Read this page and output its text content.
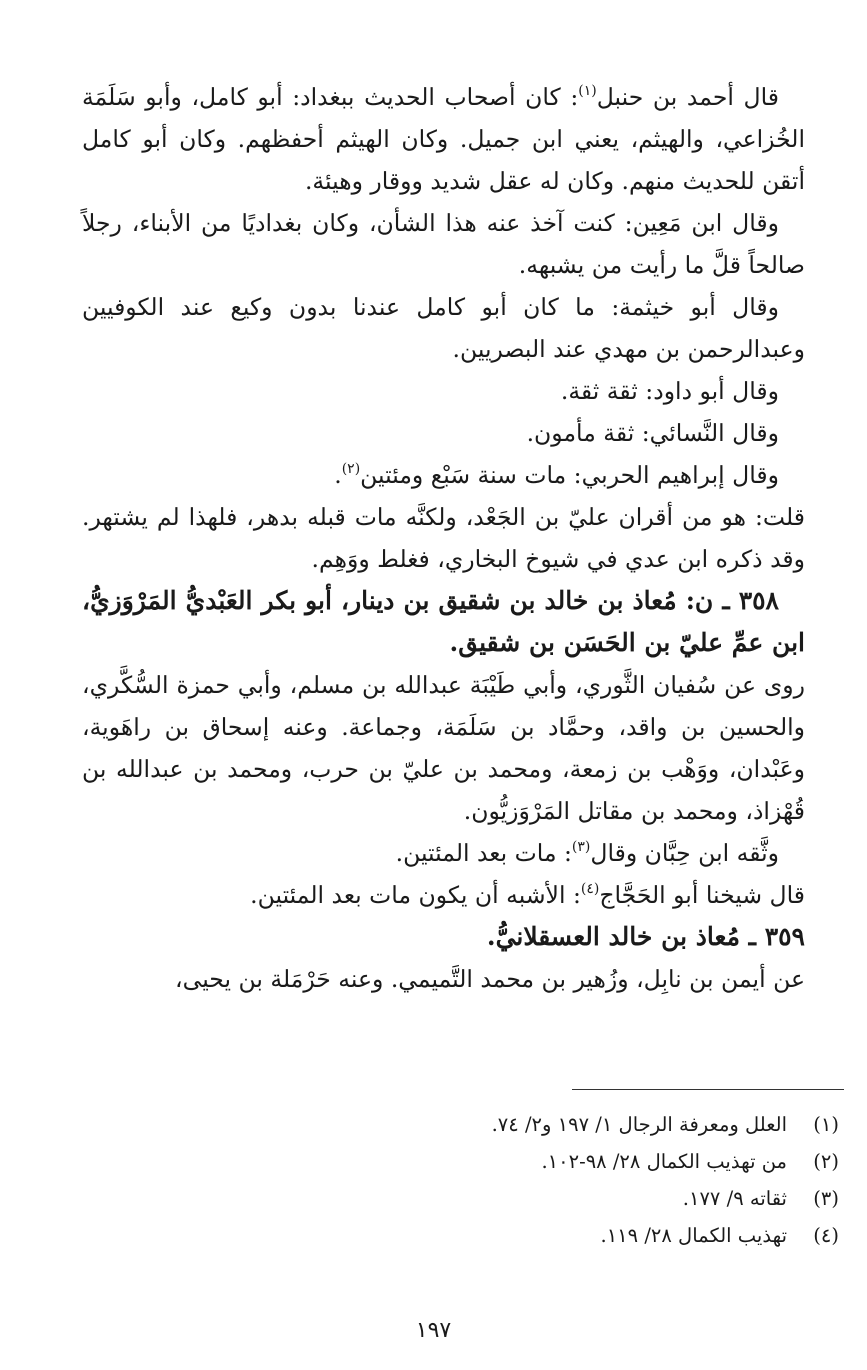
قال أحمد بن حنبل$^{(١)}$: كان أصحاب الحديث ببغداد: أبو كامل، وأبو سَلَمَة الخُزاعي، والهيثم، يعني ابن جميل. وكان الهيثم أحفظهم. وكان أبو كامل أتقن للحديث منهم. وكان له عقل شديد ووقار وهيئة.

وقال ابن مَعِين: كنت آخذ عنه هذا الشأن، وكان بغداديًا من الأبناء، رجلاً صالحاً قلَّ ما رأيت من يشبهه.

وقال أبو خيثمة: ما كان أبو كامل عندنا بدون وكيع عند الكوفيين وعبدالرحمن بن مهدي عند البصريين.

وقال أبو داود: ثقة ثقة.

وقال النَّسائي: ثقة مأمون.

وقال إبراهيم الحربي: مات سنة سَبْع ومئتين$^{(٢)}$.

قلت: هو من أقران عليّ بن الجَعْد، ولكنَّه مات قبله بدهر، فلهذا لم يشتهر. وقد ذكره ابن عدي في شيوخ البخاري، فغلط ووَهِم.

٣٥٨ ـ ن: مُعاذ بن خالد بن شقيق بن دينار، أبو بكر العَبْديُّ المَرْوَزيُّ، ابن عمِّ عليّ بن الحَسَن بن شقيق.

روى عن سُفيان الثَّوري، وأبي طَيْبَة عبدالله بن مسلم، وأبي حمزة السُّكَّري، والحسين بن واقد، وحمَّاد بن سَلَمَة، وجماعة. وعنه إسحاق بن راهَوية، وعَبْدان، ووَهْب بن زمعة، ومحمد بن عليّ بن حرب، ومحمد بن عبدالله بن قُهْزاذ، ومحمد بن مقاتل المَرْوَزيُّون.

وثَّقه ابن حِبَّان وقال$^{(٣)}$: مات بعد المئتين.

قال شيخنا أبو الحَجَّاج$^{(٤)}$: الأشبه أن يكون مات بعد المئتين.

٣٥٩ ـ مُعاذ بن خالد العسقلانيُّ.

عن أيمن بن نابِل، وزُهير بن محمد التَّميمي. وعنه حَرْمَلة بن يحيى،

(١)
العلل ومعرفة الرجال ١/ ١٩٧ و٢/ ٧٤.
(٢)
من تهذيب الكمال ٢٨/ ٩٨-١٠٢.
(٣)
ثقاته ٩/ ١٧٧.
(٤)
تهذيب الكمال ٢٨/ ١١٩.
١٩٧
